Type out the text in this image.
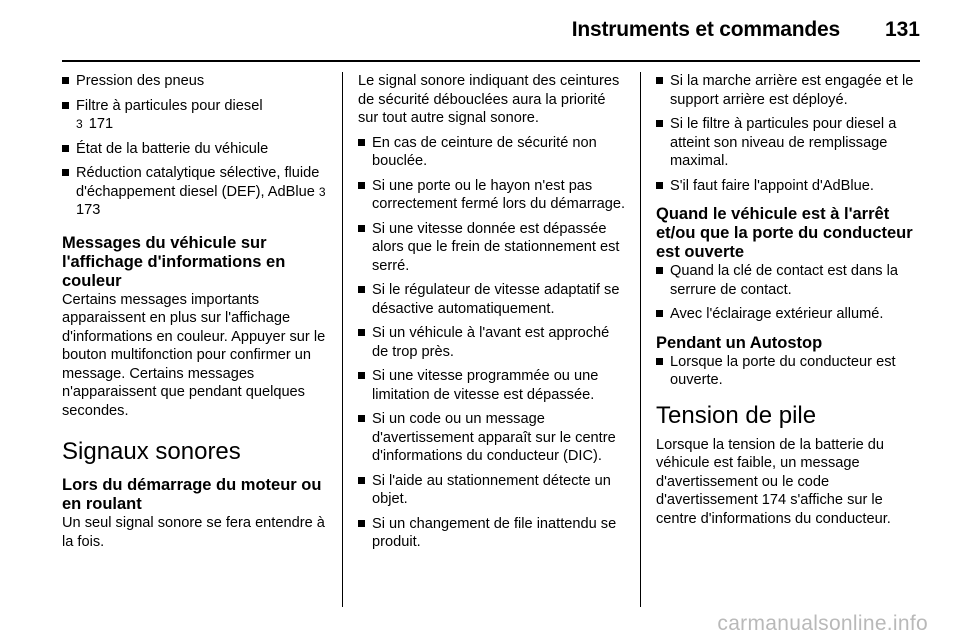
Instruments et commandes	131
Pression des pneus
Filtre à particules pour diesel
3 171
État de la batterie du véhicule
Réduction catalytique sélective, fluide d'échappement diesel (DEF), AdBlue 3 173

Messages du véhicule sur l'affichage d'informations en couleur

Certains messages importants apparaissent en plus sur l'affichage d'informations en couleur. Appuyer sur le bouton multifonction pour confirmer un message. Certains messages n'apparaissent que pendant quelques secondes.

Signaux sonores

Lors du démarrage du moteur ou en roulant

Un seul signal sonore se fera entendre à la fois.

Le signal sonore indiquant des ceintures de sécurité débouclées aura la priorité sur tout autre signal sonore.

En cas de ceinture de sécurité non bouclée.
Si une porte ou le hayon n'est pas correctement fermé lors du démarrage.
Si une vitesse donnée est dépassée alors que le frein de stationnement est serré.
Si le régulateur de vitesse adaptatif se désactive automatiquement.
Si un véhicule à l'avant est approché de trop près.
Si une vitesse programmée ou une limitation de vitesse est dépassée.
Si un code ou un message d'avertissement apparaît sur le centre d'informations du conducteur (DIC).
Si l'aide au stationnement détecte un objet.
Si un changement de file inattendu se produit.
Si la marche arrière est engagée et le support arrière est déployé.
Si le filtre à particules pour diesel a atteint son niveau de remplissage maximal.
S'il faut faire l'appoint d'AdBlue.

Quand le véhicule est à l'arrêt et/ou que la porte du conducteur est ouverte

Quand la clé de contact est dans la serrure de contact.
Avec l'éclairage extérieur allumé.

Pendant un Autostop

Lorsque la porte du conducteur est ouverte.

Tension de pile

Lorsque la tension de la batterie du véhicule est faible, un message d'avertissement ou le code d'avertissement 174 s'affiche sur le centre d'informations du conducteur.

carmanualsonline.info
